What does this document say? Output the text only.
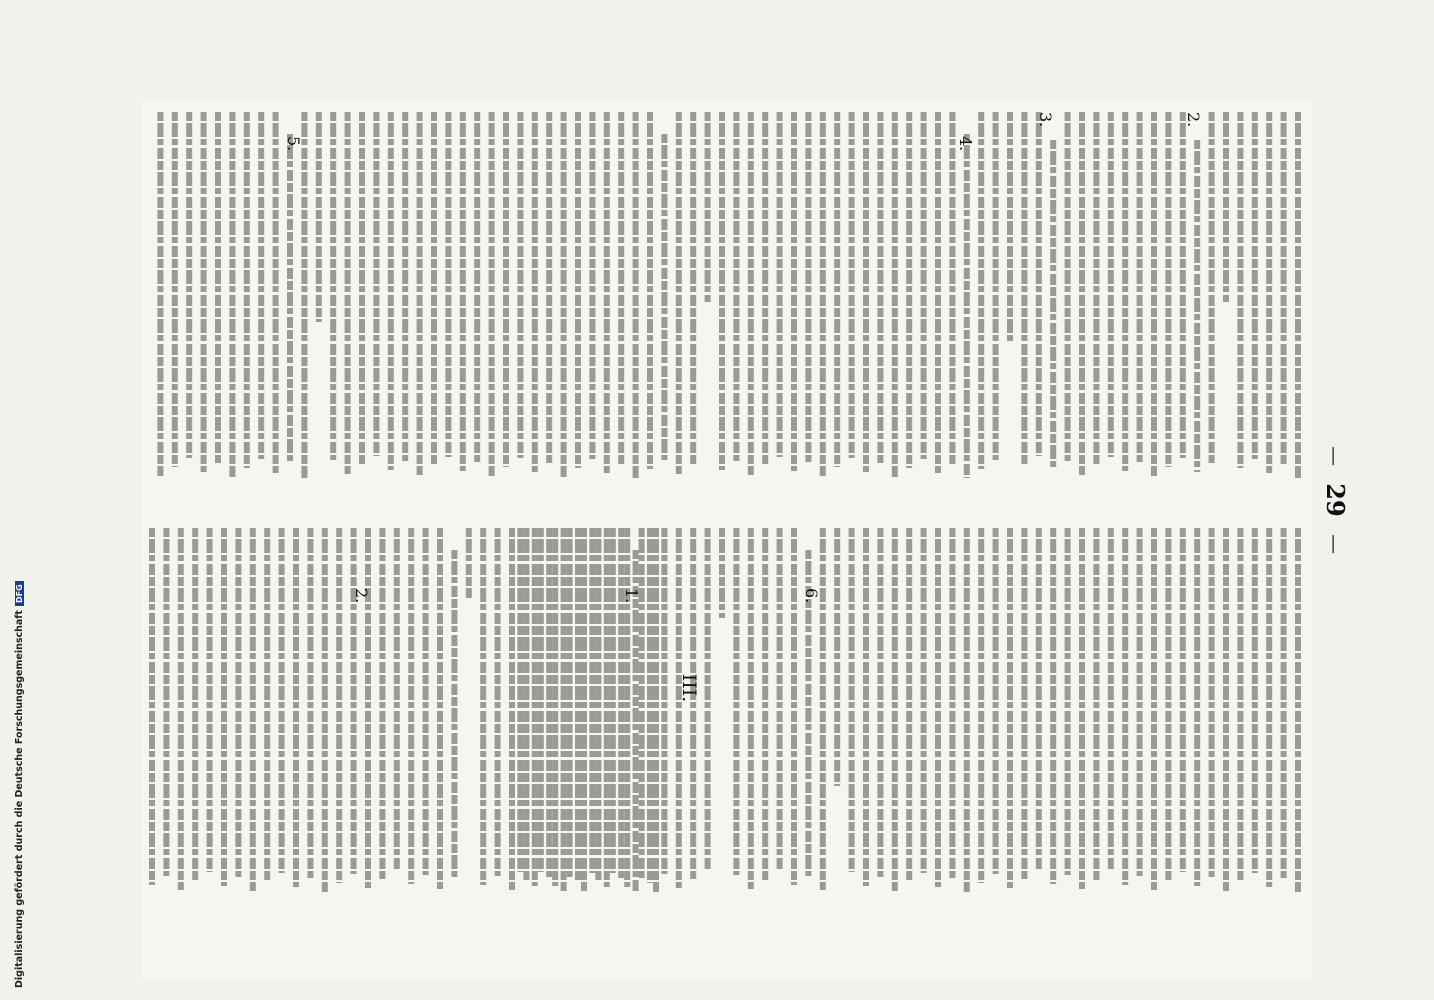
—
29
—
III.
2.
3.
4.
5.
6.
1.
2.
Digitalisierung gefördert durch die Deutsche ForschungsgemeinschaftDFG
